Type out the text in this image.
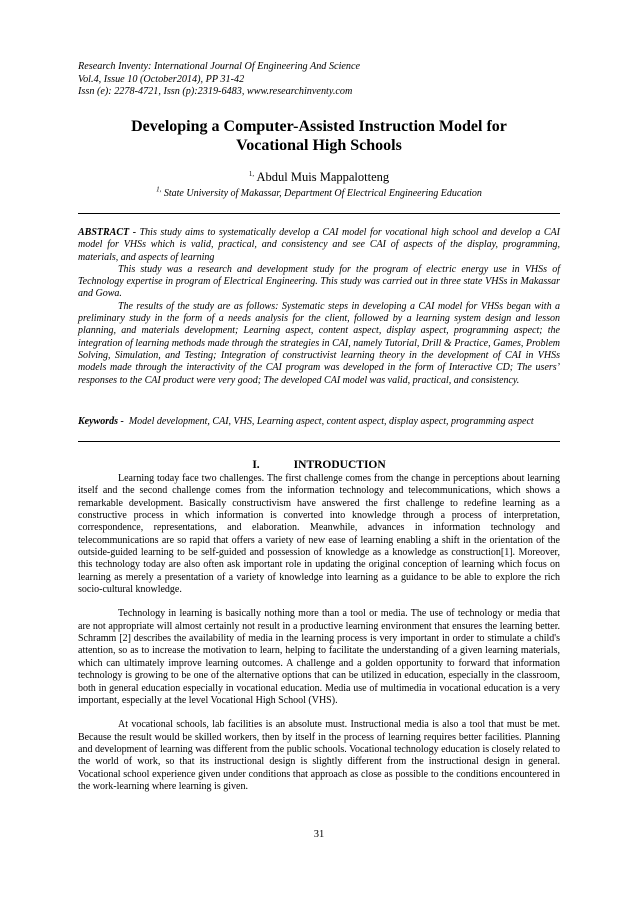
Research Inventy: International Journal Of Engineering And Science
Vol.4, Issue 10 (October2014), PP 31-42
Issn (e): 2278-4721, Issn (p):2319-6483, www.researchinventy.com
Developing a Computer-Assisted Instruction Model for
Vocational High Schools
$^{1,}$ Abdul Muis Mappalotteng
$^{1,}$ State University of Makassar, Department Of Electrical Engineering Education

ABSTRACT - This study aims to systematically develop a CAI model for vocational high school and develop a CAI model for VHSs which is valid, practical, and consistency and see CAI of aspects of the display, programming, materials, and aspects of learning

This study was a research and development study for the program of electric energy use in VHSs of Technology expertise in program of Electrical Engineering. This study was carried out in three state VHSs in Makassar and Gowa.

The results of the study are as follows: Systematic steps in developing a CAI model for VHSs began with a preliminary study in the form of a needs analysis for the client, followed by a learning system design and lesson planning, and materials development; Learning aspect, content aspect, display aspect, programming aspect; the integration of learning methods made through the strategies in CAI, namely Tutorial, Drill & Practice, Games, Problem Solving, Simulation, and Testing; Integration of constructivist learning theory in the development of CAI in VHSs models made through the interactivity of the CAI program was developed in the form of Interactive CD; The users’ responses to the CAI product were very good; The developed CAI model was valid, practical, and consistency.

Keywords - Model development, CAI, VHS, Learning aspect, content aspect, display aspect, programming aspect
I.	INTRODUCTION

Learning today face two challenges. The first challenge comes from the change in perceptions about learning itself and the second challenge comes from the information technology and telecommunications, which shows a remarkable development. Basically constructivism have answered the first challenge to redefine learning as a constructive process in which information is converted into knowledge through a process of interpretation, correspondence, representations, and elaboration. Meanwhile, advances in information technology and telecommunications are so rapid that offers a variety of new ease of learning enabling a shift in the orientation of the outside-guided learning to be self-guided and possession of knowledge as a knowledge as construction[1]. Moreover, this technology today are also often ask important role in updating the original conception of learning which focus on learning as merely a presentation of a variety of knowledge into learning as a guidance to be able to explore the rich socio-cultural knowledge.

Technology in learning is basically nothing more than a tool or media. The use of technology or media that are not appropriate will almost certainly not result in a productive learning environment that ensures the learning better. Schramm [2] describes the availability of media in the learning process is very important in order to stimulate a child's attention, so as to increase the motivation to learn, helping to facilitate the understanding of a given learning materials, which can ultimately improve learning outcomes. A challenge and a golden opportunity to forward that information technology is growing to be one of the alternative options that can be utilized in education, especially in the classroom, both in general education especially in vocational education. Media use of multimedia in vocational education is a very important, especially at the level Vocational High School (VHS).

At vocational schools, lab facilities is an absolute must. Instructional media is also a tool that must be met. Because the result would be skilled workers, then by itself in the process of learning requires better facilities. Planning and development of learning was different from the public schools. Vocational technology education is closely related to the world of work, so that its instructional design is slightly different from the instructional design in general. Vocational school experience given under conditions that approach as close as possible to the conditions encountered in the work-learning where learning is given.

31
